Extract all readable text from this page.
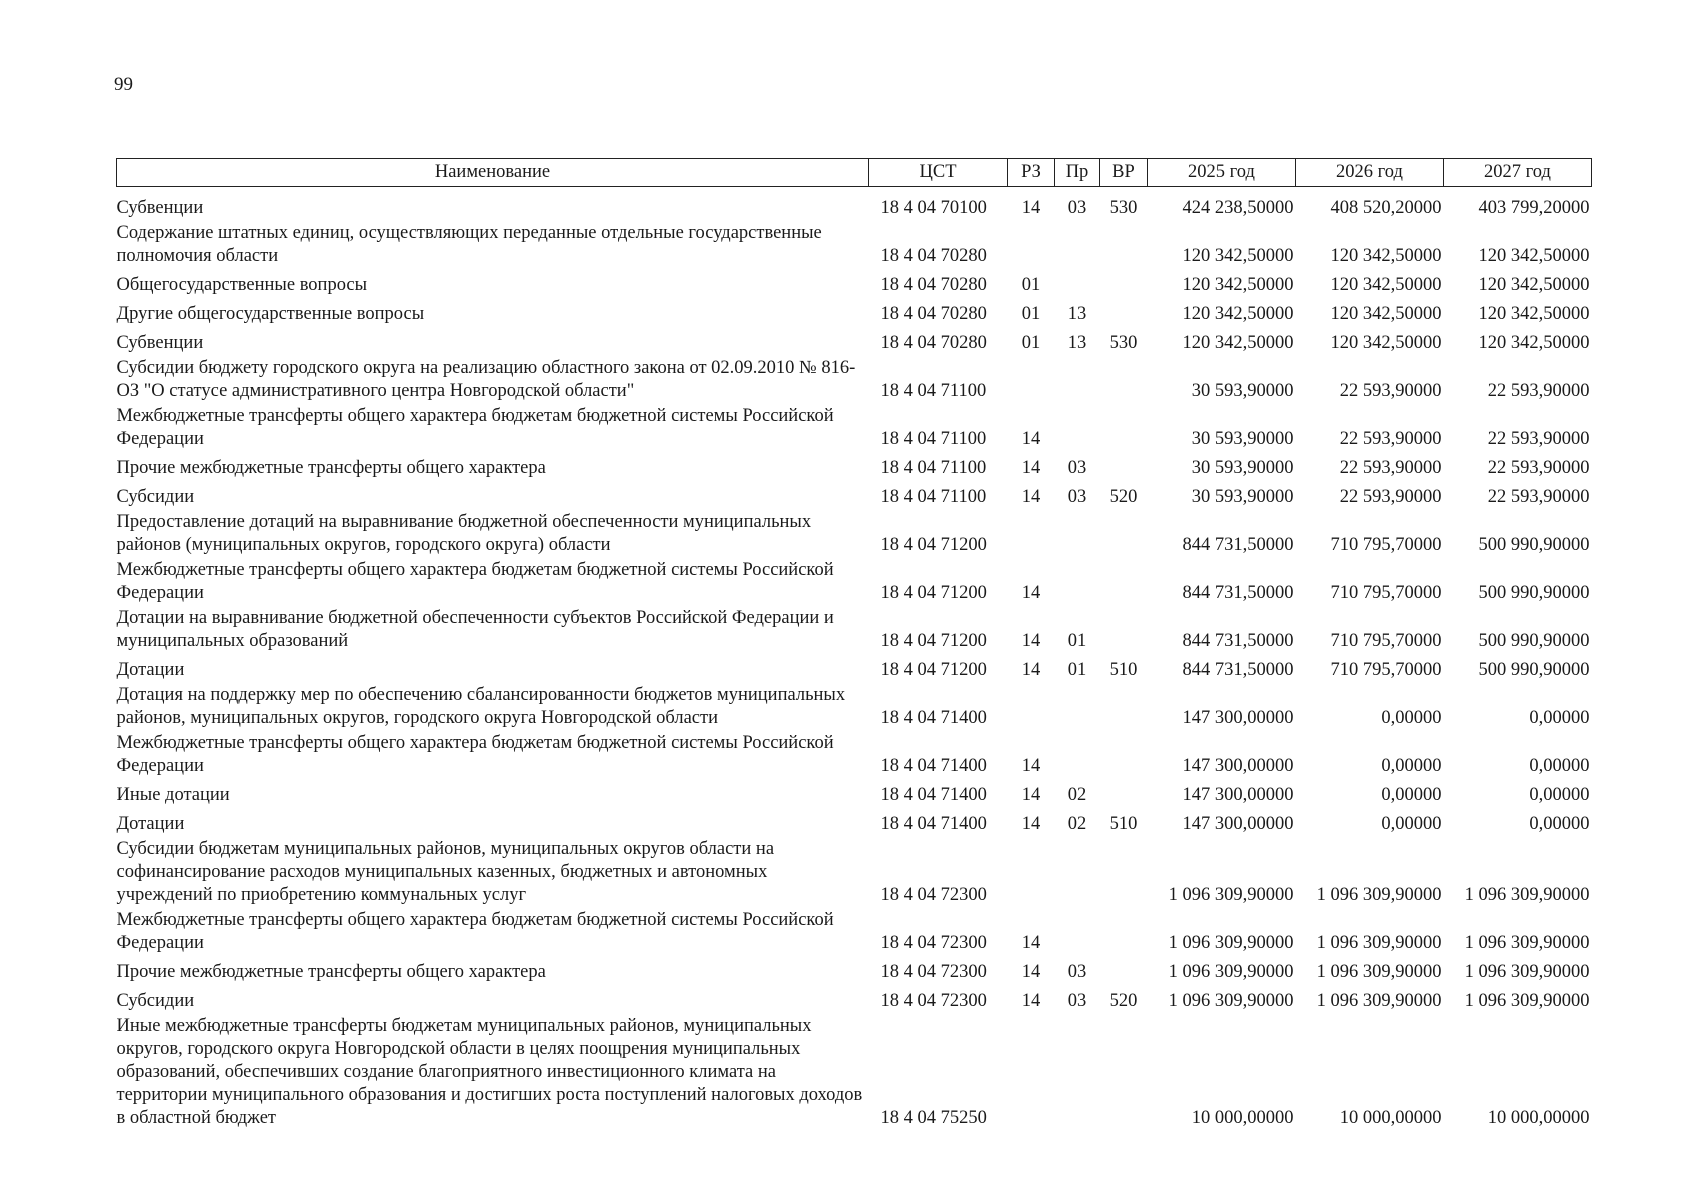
99
Наименование	ЦСТ	РЗ	Пр	ВР	2025 год	2026 год	2027 год
Субвенции	18 4 04 70100	14	03	530	424 238,50000	408 520,20000	403 799,20000
Содержание штатных единиц, осуществляющих переданные отдельные государственные полномочия области	18 4 04 70280				120 342,50000	120 342,50000	120 342,50000
Общегосударственные вопросы	18 4 04 70280	01			120 342,50000	120 342,50000	120 342,50000
Другие общегосударственные вопросы	18 4 04 70280	01	13		120 342,50000	120 342,50000	120 342,50000
Субвенции	18 4 04 70280	01	13	530	120 342,50000	120 342,50000	120 342,50000
Субсидии бюджету городского округа на реализацию областного закона от 02.09.2010 № 816-ОЗ "О статусе административного центра Новгородской области"	18 4 04 71100				30 593,90000	22 593,90000	22 593,90000
Межбюджетные трансферты общего характера бюджетам бюджетной системы Российской Федерации	18 4 04 71100	14			30 593,90000	22 593,90000	22 593,90000
Прочие межбюджетные трансферты общего характера	18 4 04 71100	14	03		30 593,90000	22 593,90000	22 593,90000
Субсидии	18 4 04 71100	14	03	520	30 593,90000	22 593,90000	22 593,90000
Предоставление дотаций на выравнивание бюджетной обеспеченности муниципальных районов (муниципальных округов, городского округа) области	18 4 04 71200				844 731,50000	710 795,70000	500 990,90000
Межбюджетные трансферты общего характера бюджетам бюджетной системы Российской Федерации	18 4 04 71200	14			844 731,50000	710 795,70000	500 990,90000
Дотации на выравнивание бюджетной обеспеченности субъектов Российской Федерации и муниципальных образований	18 4 04 71200	14	01		844 731,50000	710 795,70000	500 990,90000
Дотации	18 4 04 71200	14	01	510	844 731,50000	710 795,70000	500 990,90000
Дотация на поддержку мер по обеспечению сбалансированности бюджетов муниципальных районов, муниципальных округов, городского округа Новгородской области	18 4 04 71400				147 300,00000	0,00000	0,00000
Межбюджетные трансферты общего характера бюджетам бюджетной системы Российской Федерации	18 4 04 71400	14			147 300,00000	0,00000	0,00000
Иные дотации	18 4 04 71400	14	02		147 300,00000	0,00000	0,00000
Дотации	18 4 04 71400	14	02	510	147 300,00000	0,00000	0,00000
Субсидии бюджетам муниципальных районов, муниципальных округов области на софинансирование расходов муниципальных казенных, бюджетных и автономных учреждений по приобретению коммунальных услуг	18 4 04 72300				1 096 309,90000	1 096 309,90000	1 096 309,90000
Межбюджетные трансферты общего характера бюджетам бюджетной системы Российской Федерации	18 4 04 72300	14			1 096 309,90000	1 096 309,90000	1 096 309,90000
Прочие межбюджетные трансферты общего характера	18 4 04 72300	14	03		1 096 309,90000	1 096 309,90000	1 096 309,90000
Субсидии	18 4 04 72300	14	03	520	1 096 309,90000	1 096 309,90000	1 096 309,90000
Иные межбюджетные трансферты бюджетам муниципальных районов, муниципальных округов, городского округа Новгородской области в целях поощрения муниципальных образований, обеспечивших создание благоприятного инвестиционного климата на территории муниципального образования и достигших роста поступлений налоговых доходов в областной бюджет	18 4 04 75250				10 000,00000	10 000,00000	10 000,00000
